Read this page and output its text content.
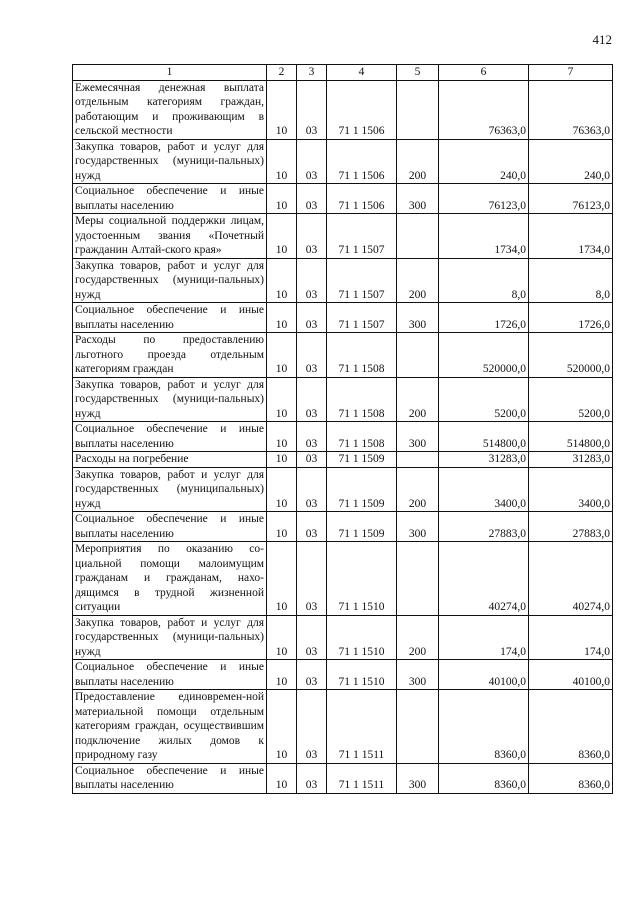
412
1	2	3	4	5	6	7
Ежемесячная денежная выплата отдельным категориям граждан, работающим и проживающим в сельской местности	10	03	71 1 1506		76363,0	76363,0
Закупка товаров, работ и услуг для государственных (муници-пальных) нужд	10	03	71 1 1506	200	240,0	240,0
Социальное обеспечение и иные выплаты населению	10	03	71 1 1506	300	76123,0	76123,0
Меры социальной поддержки лицам, удостоенным звания «Почетный гражданин Алтай-ского края»	10	03	71 1 1507		1734,0	1734,0
Закупка товаров, работ и услуг для государственных (муници-пальных) нужд	10	03	71 1 1507	200	8,0	8,0
Социальное обеспечение и иные выплаты населению	10	03	71 1 1507	300	1726,0	1726,0
Расходы по предоставлению льготного проезда отдельным категориям граждан	10	03	71 1 1508		520000,0	520000,0
Закупка товаров, работ и услуг для государственных (муници-пальных) нужд	10	03	71 1 1508	200	5200,0	5200,0
Социальное обеспечение и иные выплаты населению	10	03	71 1 1508	300	514800,0	514800,0
Расходы на погребение	10	03	71 1 1509		31283,0	31283,0
Закупка товаров, работ и услуг для государственных (муниципальных) нужд	10	03	71 1 1509	200	3400,0	3400,0
Социальное обеспечение и иные выплаты населению	10	03	71 1 1509	300	27883,0	27883,0
Мероприятия по оказанию со-циальной помощи малоимущим гражданам и гражданам, нахо-дящимся в трудной жизненной ситуации	10	03	71 1 1510		40274,0	40274,0
Закупка товаров, работ и услуг для государственных (муници-пальных) нужд	10	03	71 1 1510	200	174,0	174,0
Социальное обеспечение и иные выплаты населению	10	03	71 1 1510	300	40100,0	40100,0
Предоставление единовремен-ной материальной помощи отдельным категориям граждан, осуществившим подключение жилых домов к природному газу	10	03	71 1 1511		8360,0	8360,0
Социальное обеспечение и иные выплаты населению	10	03	71 1 1511	300	8360,0	8360,0
